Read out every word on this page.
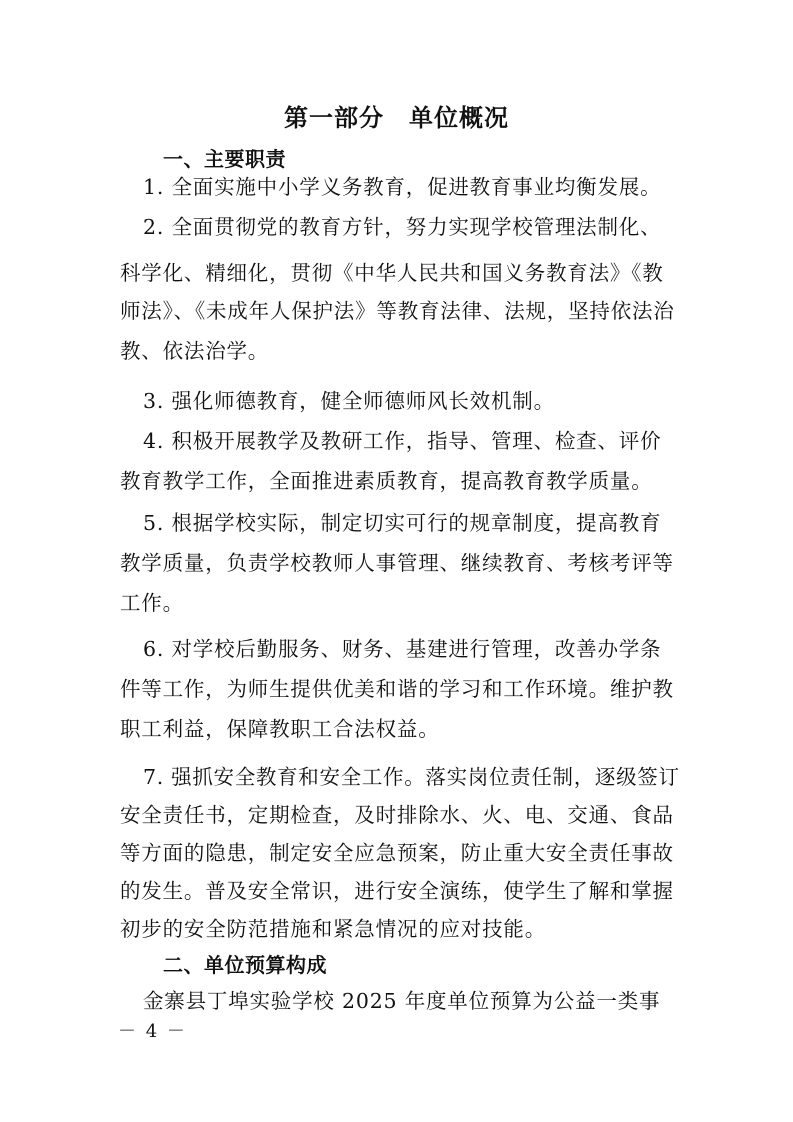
第一部分　单位概况
一、主要职责
1. 全面实施中小学义务教育，促进教育事业均衡发展。
2. 全面贯彻党的教育方针，努力实现学校管理法制化、
科学化、精细化，贯彻《中华人民共和国义务教育法》《教
师法》、《未成年人保护法》等教育法律、法规，坚持依法治
教、依法治学。
3. 强化师德教育，健全师德师风长效机制。
4. 积极开展教学及教研工作，指导、管理、检查、评价
教育教学工作，全面推进素质教育，提高教育教学质量。
5. 根据学校实际，制定切实可行的规章制度，提高教育
教学质量，负责学校教师人事管理、继续教育、考核考评等
工作。
6. 对学校后勤服务、财务、基建进行管理，改善办学条
件等工作，为师生提供优美和谐的学习和工作环境。维护教
职工利益，保障教职工合法权益。
7. 强抓安全教育和安全工作。落实岗位责任制，逐级签订
安全责任书，定期检查，及时排除水、火、电、交通、食品
等方面的隐患，制定安全应急预案，防止重大安全责任事故
的发生。普及安全常识，进行安全演练，使学生了解和掌握
初步的安全防范措施和紧急情况的应对技能。
二、单位预算构成
金寨县丁埠实验学校 2025 年度单位预算为公益一类事
－ 4 －
